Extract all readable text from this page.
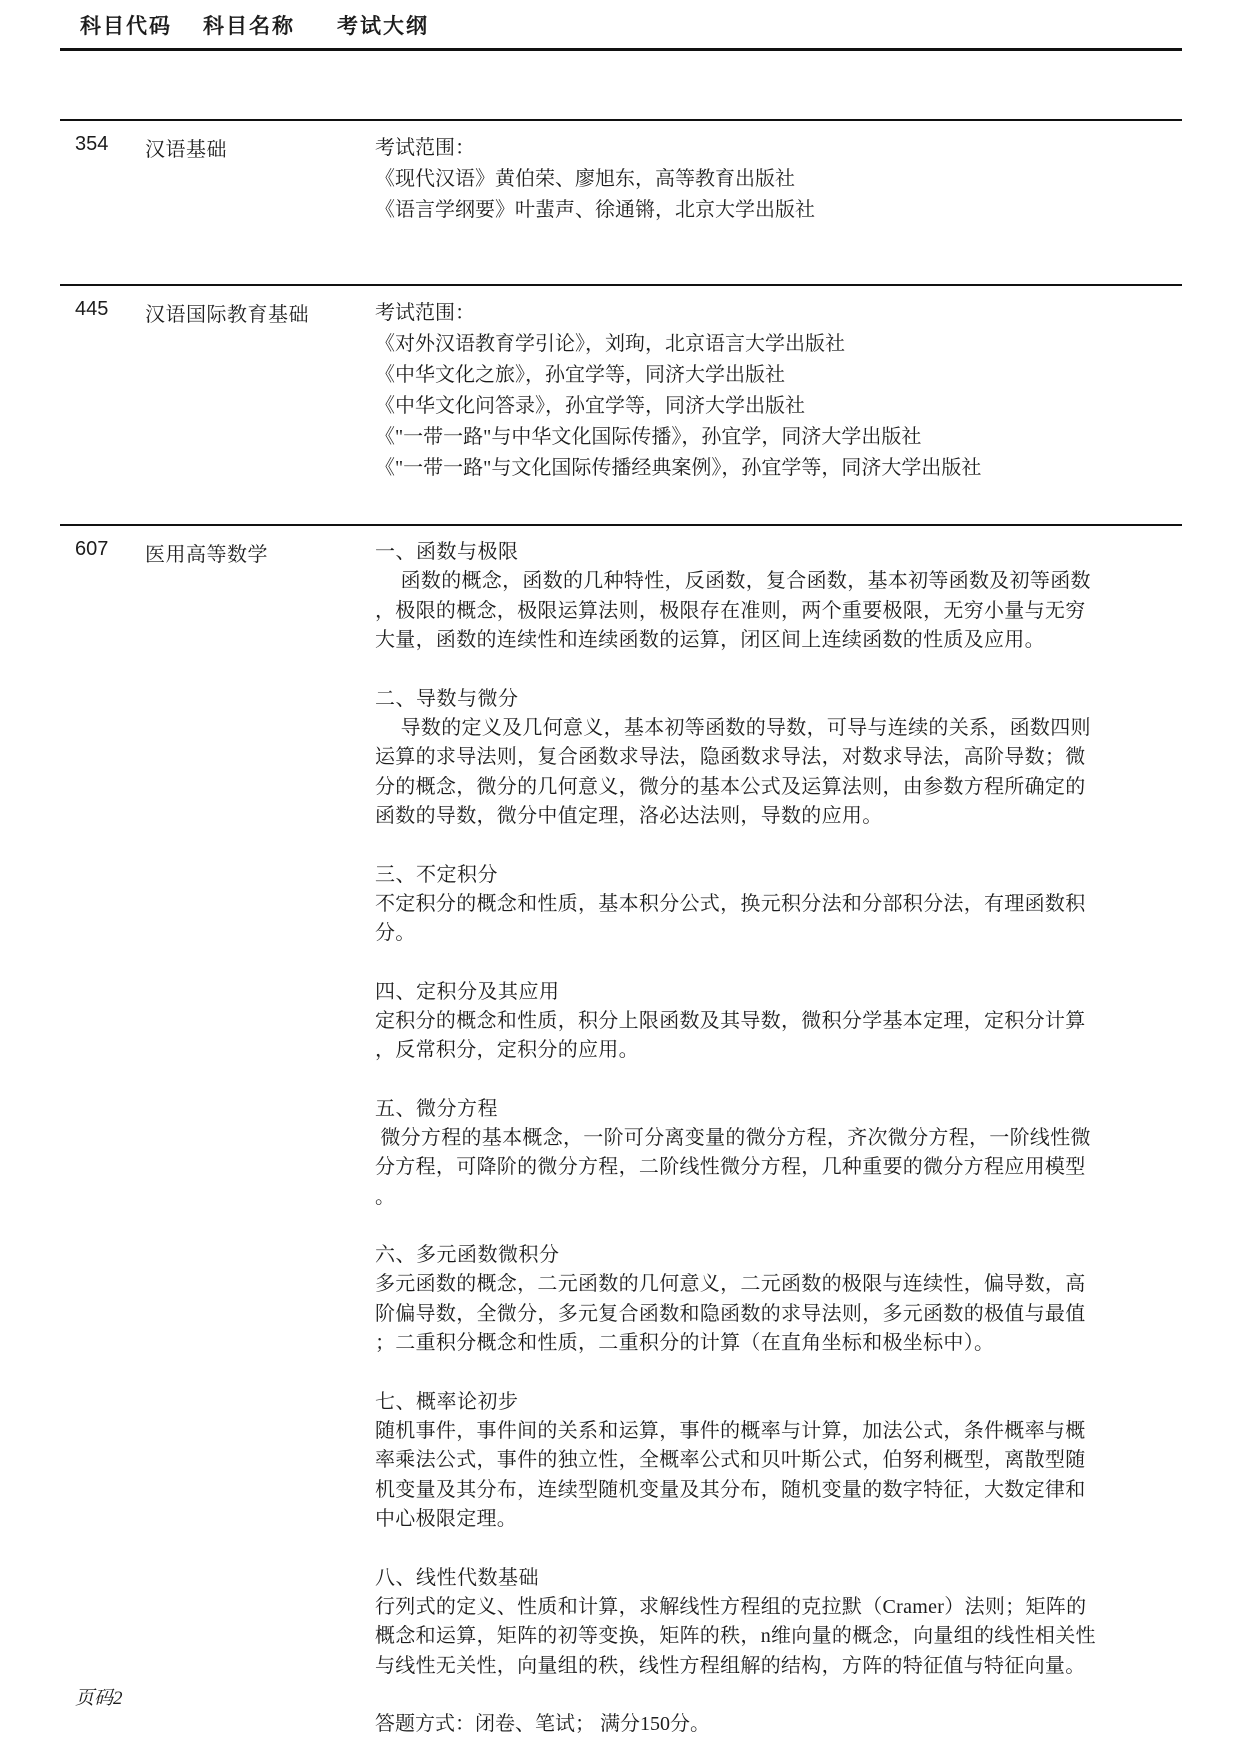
科目代码	科目名称	考试大纲
354	汉语基础	考试范围：
《现代汉语》黄伯荣、廖旭东，高等教育出版社
《语言学纲要》叶蜚声、徐通锵，北京大学出版社
445	汉语国际教育基础	考试范围：
《对外汉语教育学引论》，刘珣，北京语言大学出版社
《中华文化之旅》，孙宜学等，同济大学出版社
《中华文化问答录》，孙宜学等，同济大学出版社
《"一带一路"与中华文化国际传播》，孙宜学，同济大学出版社
《"一带一路"与文化国际传播经典案例》，孙宜学等，同济大学出版社
607	医用高等数学	一、函数与极限
　 函数的概念，函数的几种特性，反函数，复合函数，基本初等函数及初等函数，极限的概念，极限运算法则，极限存在准则，两个重要极限，无穷小量与无穷大量，函数的连续性和连续函数的运算，闭区间上连续函数的性质及应用。
二、导数与微分
　 导数的定义及几何意义，基本初等函数的导数，可导与连续的关系，函数四则运算的求导法则，复合函数求导法，隐函数求导法，对数求导法，高阶导数；微分的概念，微分的几何意义，微分的基本公式及运算法则，由参数方程所确定的函数的导数，微分中值定理，洛必达法则，导数的应用。
三、不定积分
不定积分的概念和性质，基本积分公式，换元积分法和分部积分法，有理函数积分。
四、定积分及其应用
定积分的概念和性质，积分上限函数及其导数，微积分学基本定理，定积分计算，反常积分，定积分的应用。
五、微分方程
微分方程的基本概念，一阶可分离变量的微分方程，齐次微分方程，一阶线性微分方程，可降阶的微分方程，二阶线性微分方程，几种重要的微分方程应用模型。
六、多元函数微积分
多元函数的概念，二元函数的几何意义，二元函数的极限与连续性，偏导数，高阶偏导数，全微分，多元复合函数和隐函数的求导法则，多元函数的极值与最值；二重积分概念和性质，二重积分的计算（在直角坐标和极坐标中）。
七、概率论初步
随机事件，事件间的关系和运算，事件的概率与计算，加法公式，条件概率与概率乘法公式，事件的独立性，全概率公式和贝叶斯公式，伯努利概型，离散型随机变量及其分布，连续型随机变量及其分布，随机变量的数字特征，大数定律和中心极限定理。
八、线性代数基础
行列式的定义、性质和计算，求解线性方程组的克拉默（Cramer）法则；矩阵的概念和运算，矩阵的初等变换，矩阵的秩，n维向量的概念，向量组的线性相关性与线性无关性，向量组的秩，线性方程组解的结构，方阵的特征值与特征向量。
答题方式：闭卷、笔试； 满分150分。
页码2
